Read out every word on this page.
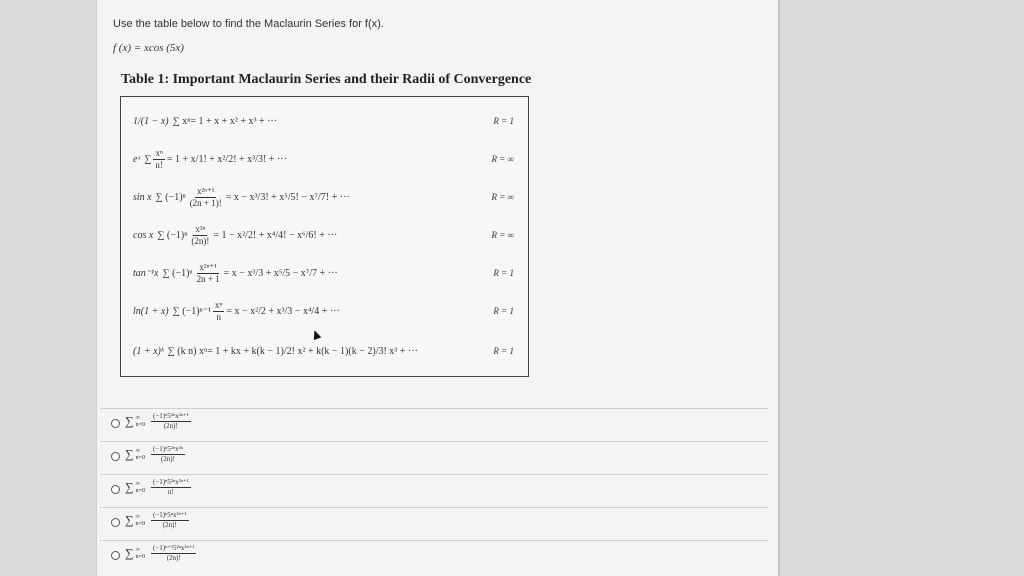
Use the table below to find the Maclaurin Series for f(x).
f (x) = xcos (5x)
Table 1: Important Maclaurin Series and their Radii of Convergence
1/(1 − x) ∑ xⁿ = 1 + x + x² + x³ + ···	R = 1
eˣ ∑ $\frac{\text{xⁿ}}{n!} = 1 + x/1$! + x²/2! + x³/3! + ···	R = ∞
sin x ∑ $(-1)^n \frac{\text{x²ⁿ⁺¹}}{(2n + 1)!} = x - x^3/3$! + x⁵/5! − x⁷/7! + ···	R = ∞
cos x ∑ $(-1)^n \frac{\text{x²ⁿ}}{(2n)!} = 1 - x^2/2$! + x⁴/4! − x⁶/6! + ···	R = ∞
tan⁻¹x ∑ $(-1)^n \frac{\text{x²ⁿ⁺¹}}{2n + 1} = x - x^3/3 + x^5/5 - x^7/7$ + ···	R = 1
ln(1 + x) ∑ $(-1)^{n-1} \frac{\text{xⁿ}}{n} = x - x^2/2 + x^3/3 - x^4/4$ + ···	R = 1
(1 + x)ᵏ ∑ (k n) xⁿ = 1 + kx + k(k − 1)/2! x² + k(k − 1)(k − 2)/3! x³ + ···	R = 1
∑ ∞
$n=0 \frac{\text{(−1)ⁿ5²ⁿx²ⁿ⁺¹}}{(2n)!}$
∑ ∞
$n=0 \frac{\text{(−1)ⁿ5²ⁿx²ⁿ}}{(2n)!}$
∑ ∞
$n=0 \frac{\text{(−1)ⁿ5²ⁿx²ⁿ⁺¹}}{n!}$
∑ ∞
$n=0 \frac{\text{(−1)ⁿ5ⁿx²ⁿ⁺¹}}{(2n)!}$
∑ ∞
$n=0 \frac{\text{(−1)ⁿ⁺¹5²ⁿx²ⁿ⁺¹}}{(2n)!}$
